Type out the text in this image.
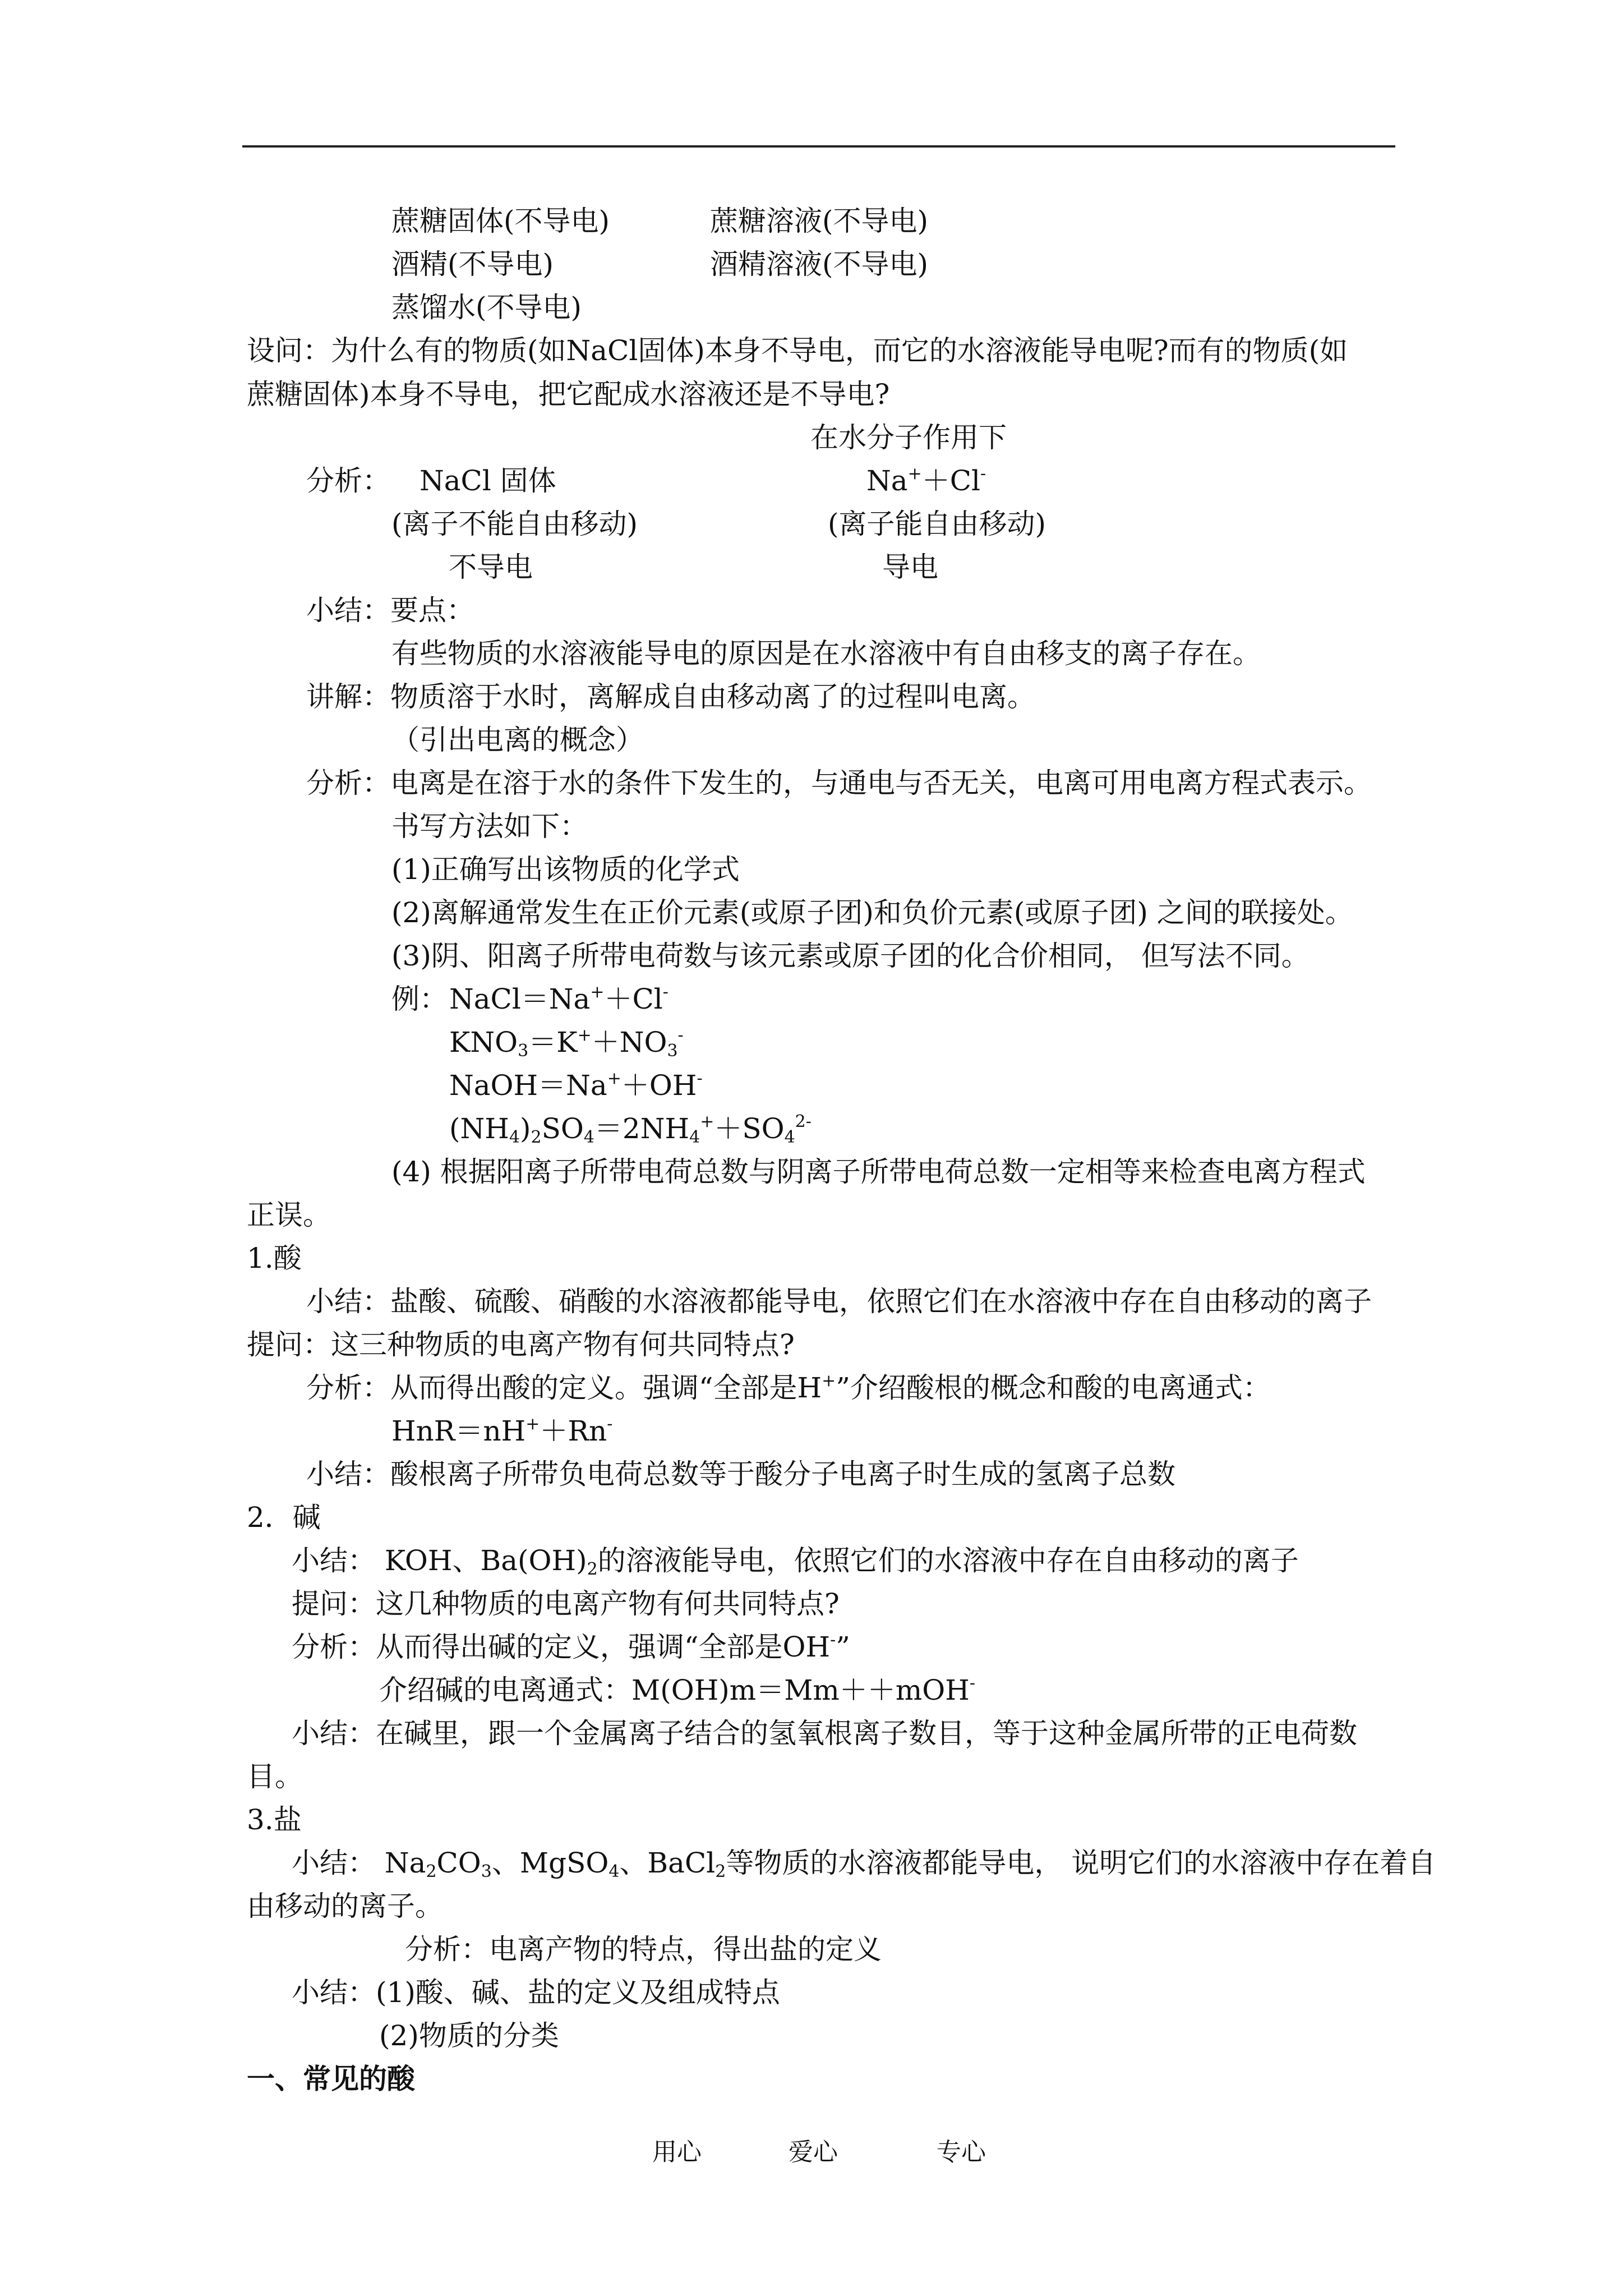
蔗糖固体(不导电)	蔗糖溶液(不导电)
酒精(不导电)	酒精溶液(不导电)
蒸馏水(不导电)
设问：为什么有的物质(如NaCl固体)本身不导电，而它的水溶液能导电呢?而有的物质(如
蔗糖固体)本身不导电，把它配成水溶液还是不导电?
在水分子作用下
分析： NaCl 固体	Na+＋Cl-
(离子不能自由移动)	(离子能自由移动)
不导电	导电
小结：要点：
有些物质的水溶液能导电的原因是在水溶液中有自由移支的离子存在。
讲解：物质溶于水时，离解成自由移动离了的过程叫电离。
（引出电离的概念）
分析：电离是在溶于水的条件下发生的，与通电与否无关，电离可用电离方程式表示。
书写方法如下：
(1)正确写出该物质的化学式
(2)离解通常发生在正价元素(或原子团)和负价元素(或原子团) 之间的联接处。
(3)阴、阳离子所带电荷数与该元素或原子团的化合价相同， 但写法不同。
例： NaCl＝Na+＋Cl-
$KNO_3=K^++NO_3^-$
NaOH＝Na+＋OH-
$(NH_4)_2SO_4=2NH_4^++SO_4^{2-}$
(4) 根据阳离子所带电荷总数与阴离子所带电荷总数一定相等来检查电离方程式
正误。
1.酸
小结：盐酸、硫酸、硝酸的水溶液都能导电，依照它们在水溶液中存在自由移动的离子
提问：这三种物质的电离产物有何共同特点?
分析：从而得出酸的定义。强调“全部是H+”介绍酸根的概念和酸的电离通式：
HnR＝nH+＋Rn-
小结：酸根离子所带负电荷总数等于酸分子电离子时生成的氢离子总数
2．碱
小结： KOH、$Ba(OH)_2$的溶液能导电，依照它们的水溶液中存在自由移动的离子
提问：这几种物质的电离产物有何共同特点?
分析：从而得出碱的定义，强调“全部是OH-”
介绍碱的电离通式：M(OH)m＝Mm＋＋mOH-
小结：在碱里，跟一个金属离子结合的氢氧根离子数目，等于这种金属所带的正电荷数
目。
3.盐
小结： $Na_2CO_3$、MgSO$_4$、BaCl$_2$等物质的水溶液都能导电， 说明它们的水溶液中存在着自
由移动的离子。
分析：电离产物的特点，得出盐的定义
小结：(1)酸、碱、盐的定义及组成特点
(2)物质的分类
一、常见的酸
用心	爱心	专心
